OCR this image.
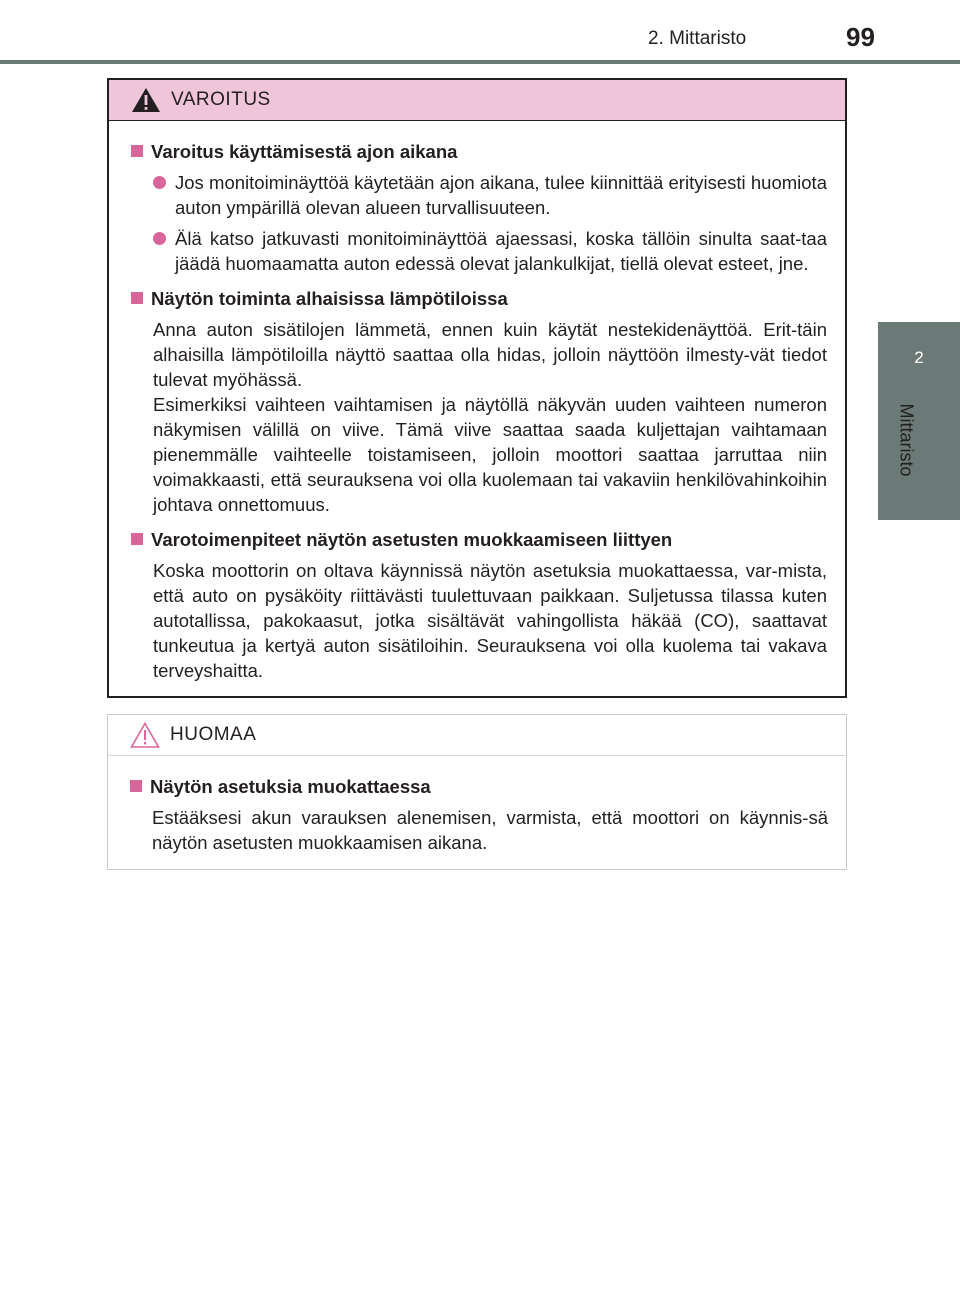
2. Mittaristo	99
2
Mittaristo
VAROITUS
Varoitus käyttämisestä ajon aikana
Jos monitoiminäyttöä käytetään ajon aikana, tulee kiinnittää erityisesti huomiota auton ympärillä olevan alueen turvallisuuteen.
Älä katso jatkuvasti monitoiminäyttöä ajaessasi, koska tällöin sinulta saat-taa jäädä huomaamatta auton edessä olevat jalankulkijat, tiellä olevat esteet, jne.
Näytön toiminta alhaisissa lämpötiloissa
Anna auton sisätilojen lämmetä, ennen kuin käytät nestekidenäyttöä. Erit-täin alhaisilla lämpötiloilla näyttö saattaa olla hidas, jolloin näyttöön ilmesty-vät tiedot tulevat myöhässä.
Esimerkiksi vaihteen vaihtamisen ja näytöllä näkyvän uuden vaihteen numeron näkymisen välillä on viive. Tämä viive saattaa saada kuljettajan vaihtamaan pienemmälle vaihteelle toistamiseen, jolloin moottori saattaa jarruttaa niin voimakkaasti, että seurauksena voi olla kuolemaan tai vakaviin henkilövahinkoihin johtava onnettomuus.
Varotoimenpiteet näytön asetusten muokkaamiseen liittyen
Koska moottorin on oltava käynnissä näytön asetuksia muokattaessa, var-mista, että auto on pysäköity riittävästi tuulettuvaan paikkaan. Suljetussa tilassa kuten autotallissa, pakokaasut, jotka sisältävät vahingollista häkää (CO), saattavat tunkeutua ja kertyä auton sisätiloihin. Seurauksena voi olla kuolema tai vakava terveyshaitta.
HUOMAA
Näytön asetuksia muokattaessa
Estääksesi akun varauksen alenemisen, varmista, että moottori on käynnis-sä näytön asetusten muokkaamisen aikana.
